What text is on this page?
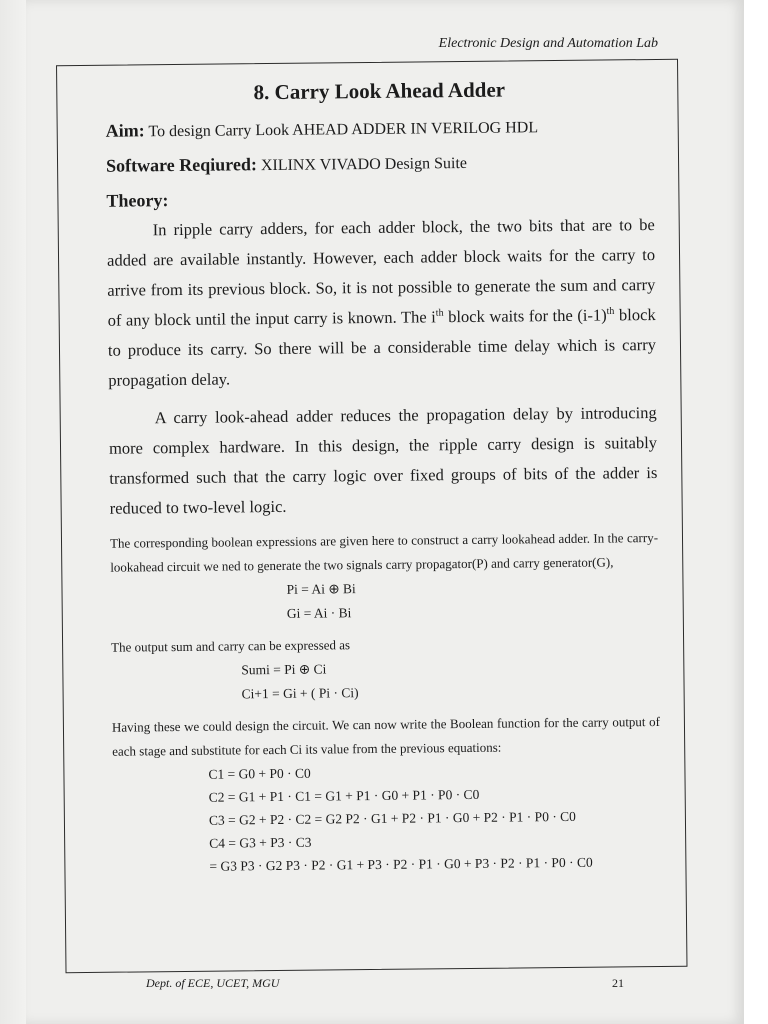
Electronic Design and Automation Lab
8. Carry Look Ahead Adder
Aim: To design Carry Look AHEAD ADDER IN VERILOG HDL
Software Reqiured: XILINX VIVADO Design Suite
Theory:

In ripple carry adders, for each adder block, the two bits that are to be added are available instantly. However, each adder block waits for the carry to arrive from its previous block. So, it is not possible to generate the sum and carry of any block until the input carry is known. The $i^{th}$ block waits for the $(i-1)^{th}$ block to produce its carry. So there will be a considerable time delay which is carry propagation delay.

A carry look-ahead adder reduces the propagation delay by introducing more complex hardware. In this design, the ripple carry design is suitably transformed such that the carry logic over fixed groups of bits of the adder is reduced to two-level logic.

The corresponding boolean expressions are given here to construct a carry lookahead adder. In the carry-lookahead circuit we ned to generate the two signals carry propagator(P) and carry generator(G),

Pi = Ai ⊕ Bi
Gi = Ai · Bi

The output sum and carry can be expressed as

Sumi = Pi ⊕ Ci
Ci+1 = Gi + ( Pi · Ci)

Having these we could design the circuit. We can now write the Boolean function for the carry output of each stage and substitute for each Ci its value from the previous equations:

C1 = G0 + P0 · C0
C2 = G1 + P1 · C1 = G1 + P1 · G0 + P1 · P0 · C0
C3 = G2 + P2 · C2 = G2 P2 · G1 + P2 · P1 · G0 + P2 · P1 · P0 · C0
C4 = G3 + P3 · C3
= G3 P3 · G2 P3 · P2 · G1 + P3 · P2 · P1 · G0 + P3 · P2 · P1 · P0 · C0
Dept. of ECE, UCET, MGU	21
